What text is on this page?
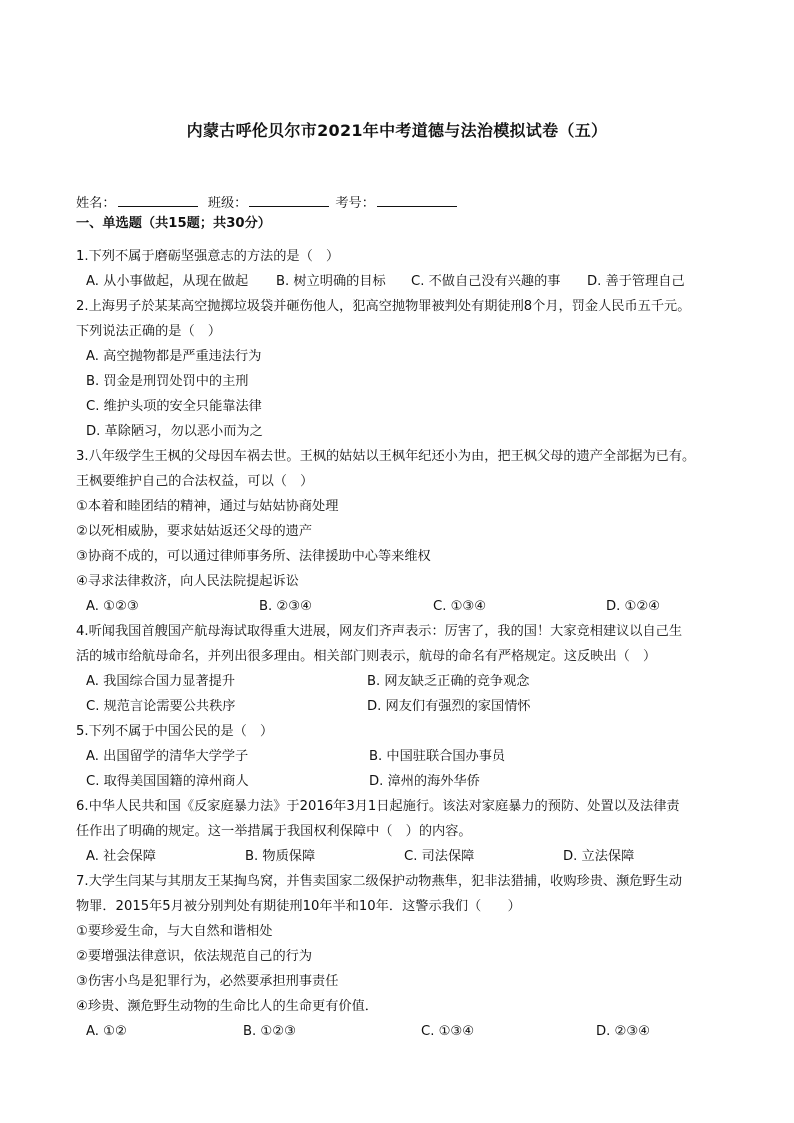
内蒙古呼伦贝尔市2021年中考道德与法治模拟试卷（五）
姓名：	班级：	考号：
一、单选题（共15题；共30分）
1.下列不属于磨砺坚强意志的方法的是（　）
A. 从小事做起，从现在做起 B. 树立明确的目标 C. 不做自己没有兴趣的事 D. 善于管理自己
2.上海男子於某某高空抛掷垃圾袋并砸伤他人，犯高空抛物罪被判处有期徒刑8个月，罚金人民币五千元。
下列说法正确的是（　）
A. 高空抛物都是严重违法行为
B. 罚金是刑罚处罚中的主刑
C. 维护头项的安全只能靠法律
D. 革除陋习，勿以恶小而为之
3.八年级学生王枫的父母因车祸去世。王枫的姑姑以王枫年纪还小为由，把王枫父母的遗产全部据为已有。
王枫要维护自己的合法权益，可以（　）
①本着和睦团结的精神，通过与姑姑协商处理
②以死相威胁，要求姑姑返还父母的遗产
③协商不成的，可以通过律师事务所、法律援助中心等来维权
④寻求法律救济，向人民法院提起诉讼
A. ①②③	B. ②③④	C. ①③④	D. ①②④
4.听闻我国首艘国产航母海试取得重大进展，网友们齐声表示：厉害了，我的国！大家竞相建议以自己生
活的城市给航母命名，并列出很多理由。相关部门则表示，航母的命名有严格规定。这反映出（　）
A. 我国综合国力显著提升	B. 网友缺乏正确的竞争观念
C. 规范言论需要公共秩序	D. 网友们有强烈的家国情怀
5.下列不属于中国公民的是（　）
A. 出国留学的清华大学学子	B. 中国驻联合国办事员
C. 取得美国国籍的漳州商人	D. 漳州的海外华侨
6.中华人民共和国《反家庭暴力法》于2016年3月1日起施行。该法对家庭暴力的预防、处置以及法律责
任作出了明确的规定。这一举措属于我国权利保障中（　）的内容。
A. 社会保障	B. 物质保障	C. 司法保障	D. 立法保障
7.大学生闫某与其朋友王某掏鸟窝，并售卖国家二级保护动物燕隼，犯非法猎捕，收购珍贵、濒危野生动
物罪．2015年5月被分别判处有期徒刑10年半和10年．这警示我们（　　）
①要珍爱生命，与大自然和谐相处
②要增强法律意识，依法规范自己的行为
③伤害小鸟是犯罪行为，必然要承担刑事责任
④珍贵、濒危野生动物的生命比人的生命更有价值．
A. ①②	B. ①②③	C. ①③④	D. ②③④
